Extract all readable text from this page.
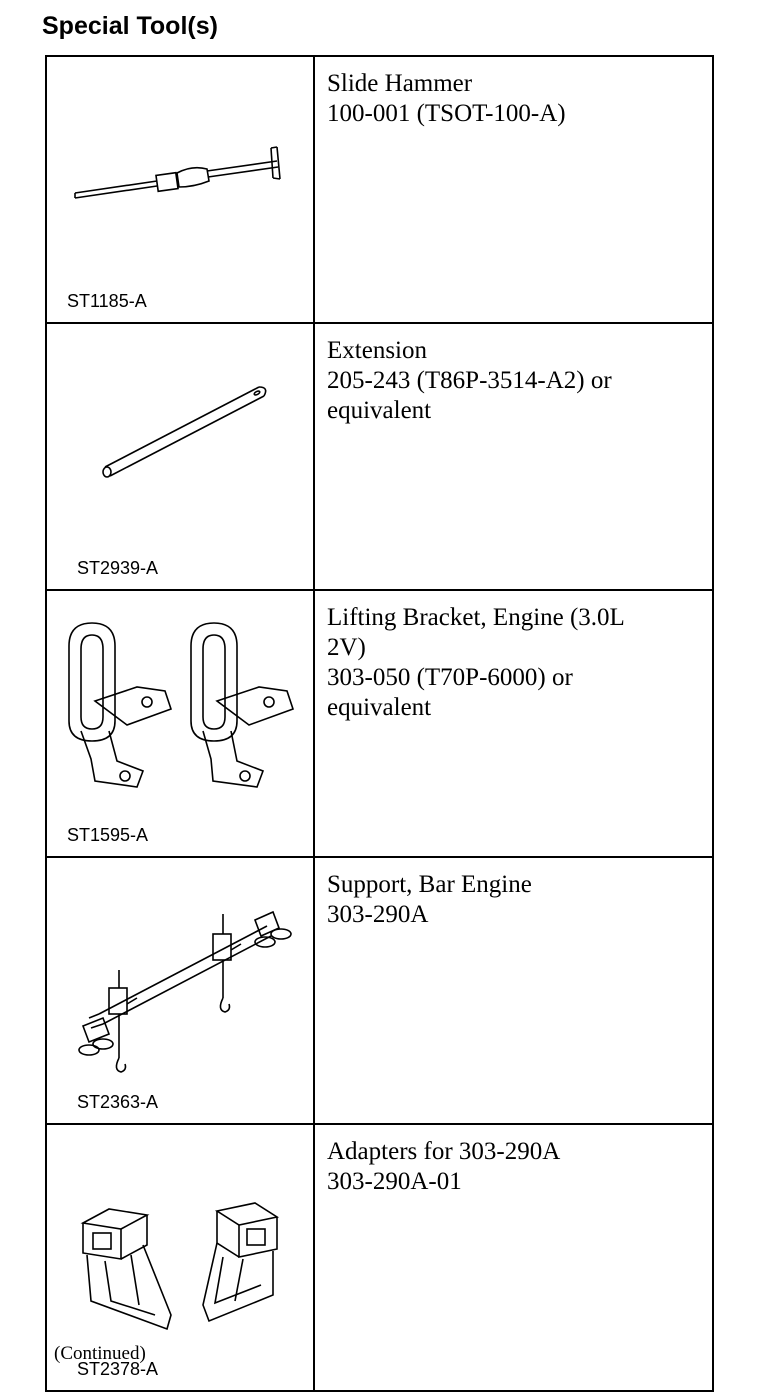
Special Tool(s)
ST1185-A	Slide Hammer
100-001 (TSOT-100-A)

ST2939-A	Extension
205-243 (T86P-3514-A2) or
equivalent

ST1595-A	Lifting Bracket, Engine (3.0L
2V)
303-050 (T70P-6000) or
equivalent

ST2363-A	Support, Bar Engine
303-290A

ST2378-A	Adapters for 303-290A
303-290A-01
(Continued)
